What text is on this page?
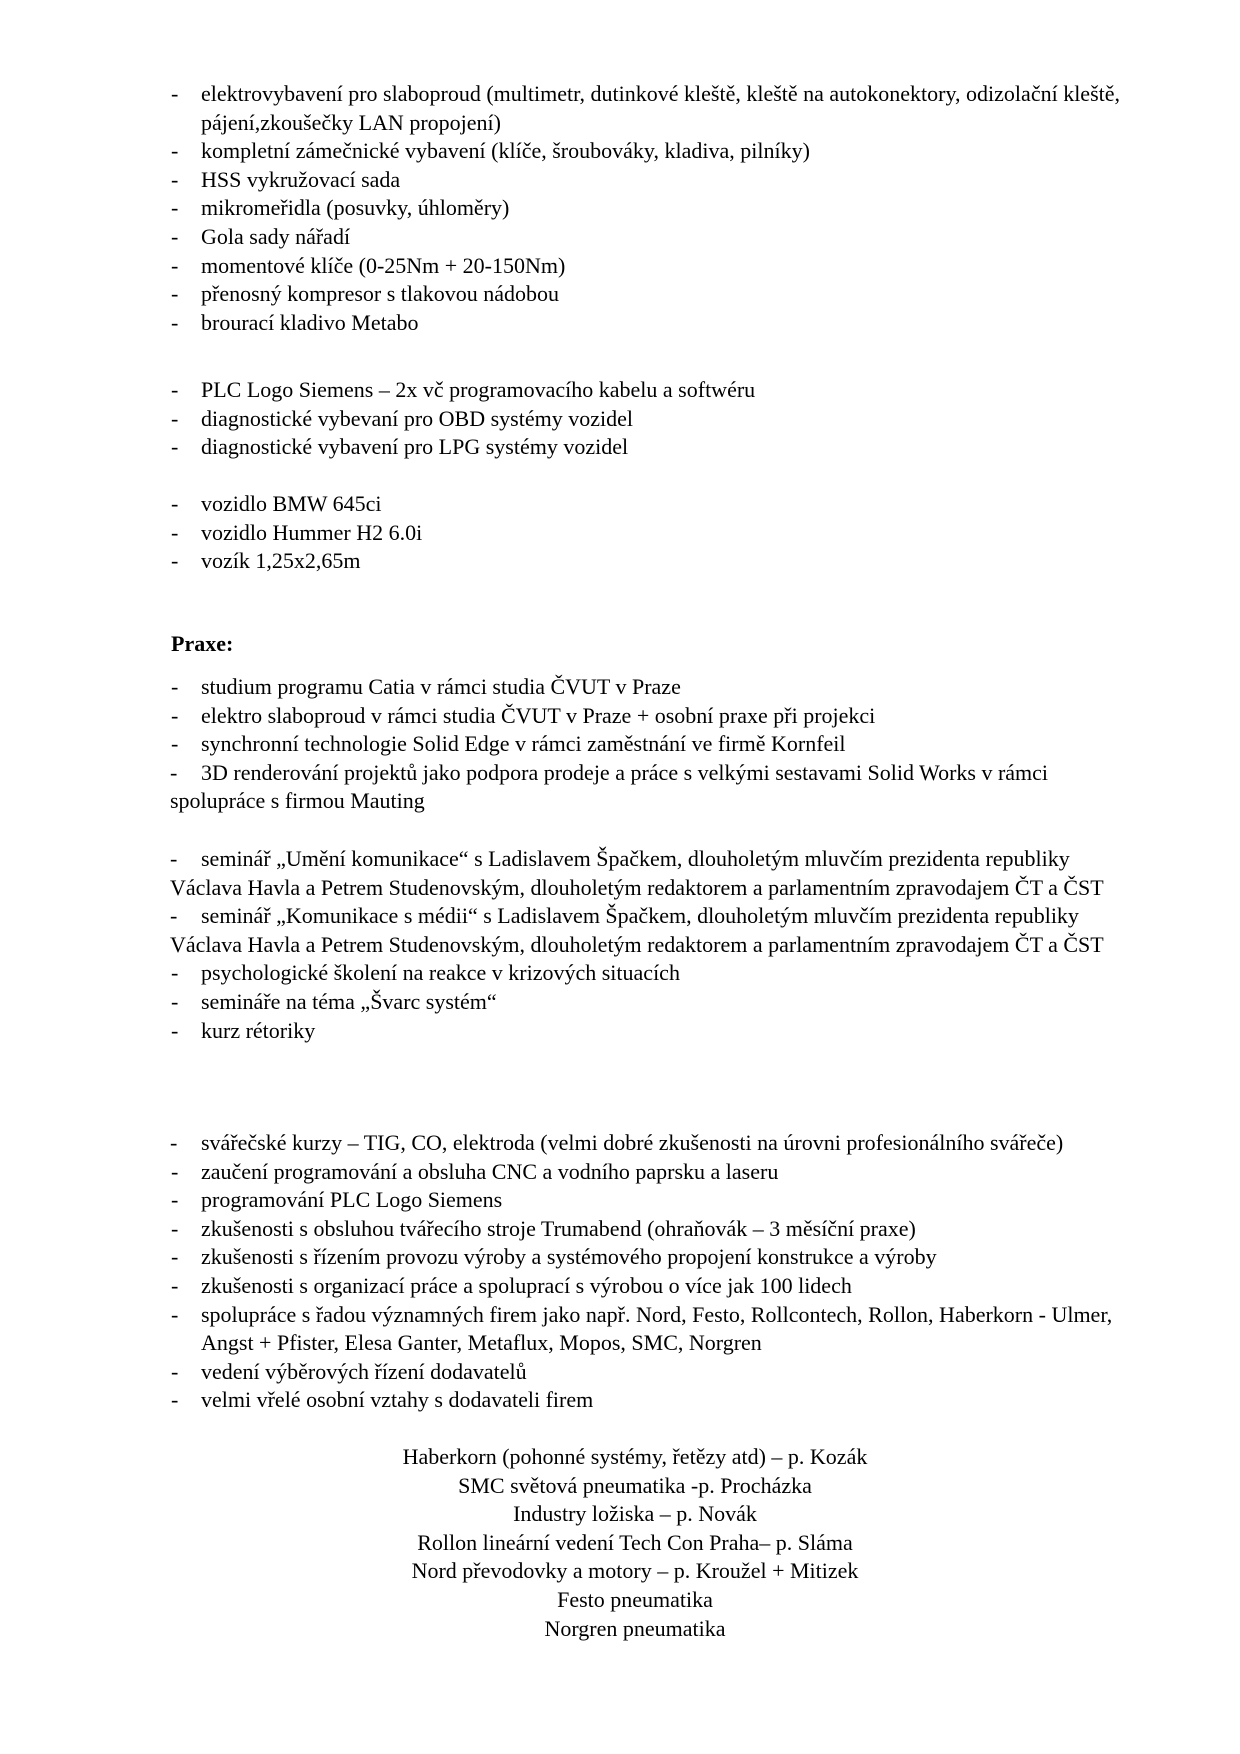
- elektrovybavení pro slaboproud (multimetr, dutinkové kleště, kleště na autokonektory, odizolační kleště, pájení,zkoušečky LAN propojení)

- kompletní zámečnické vybavení (klíče, šroubováky, kladiva, pilníky)

- HSS vykružovací sada

- mikromeřidla (posuvky, úhloměry)

- Gola sady nářadí

- momentové klíče (0-25Nm + 20-150Nm)

- přenosný kompresor s tlakovou nádobou

- brourací kladivo Metabo

- PLC Logo Siemens – 2x vč programovacího kabelu a softwéru

- diagnostické vybevaní pro OBD systémy vozidel

- diagnostické vybavení pro LPG systémy vozidel

- vozidlo BMW 645ci

- vozidlo Hummer H2 6.0i

- vozík 1,25x2,65m

Praxe:

- studium programu Catia v rámci studia ČVUT v Praze

- elektro slaboproud v rámci studia ČVUT v Praze + osobní praxe při projekci

- synchronní technologie Solid Edge v rámci zaměstnání ve firmě Kornfeil

- 3D renderování projektů jako podpora prodeje a práce s velkými sestavami Solid Works v rámci spolupráce s firmou Mauting

- seminář „Umění komunikace“ s Ladislavem Špačkem, dlouholetým mluvčím prezidenta republiky Václava Havla a Petrem Studenovským, dlouholetým redaktorem a parlamentním zpravodajem ČT a ČST

- seminář „Komunikace s médii“ s Ladislavem Špačkem, dlouholetým mluvčím prezidenta republiky Václava Havla a Petrem Studenovským, dlouholetým redaktorem a parlamentním zpravodajem ČT a ČST

- psychologické školení na reakce v krizových situacích

- semináře na téma „Švarc systém“

- kurz rétoriky

- svářečské kurzy – TIG, CO, elektroda (velmi dobré zkušenosti na úrovni profesionálního svářeče)

- zaučení programování a obsluha CNC a vodního paprsku a laseru

- programování PLC Logo Siemens

- zkušenosti s obsluhou tvářecího stroje Trumabend (ohraňovák – 3 měsíční praxe)

- zkušenosti s řízením provozu výroby a systémového propojení konstrukce a výroby

- zkušenosti s organizací práce a spoluprací s výrobou o více jak 100 lidech

- spolupráce s řadou významných firem jako např. Nord, Festo, Rollcontech, Rollon, Haberkorn - Ulmer, Angst + Pfister, Elesa Ganter, Metaflux, Mopos, SMC, Norgren

- vedení výběrových řízení dodavatelů

- velmi vřelé osobní vztahy s dodavateli firem

Haberkorn (pohonné systémy, řetězy atd) – p. Kozák
SMC světová pneumatika -p. Procházka
Industry ložiska – p. Novák
Rollon lineární vedení Tech Con Praha– p. Sláma
Nord převodovky a motory – p. Kroužel + Mitizek
Festo pneumatika
Norgren pneumatika
